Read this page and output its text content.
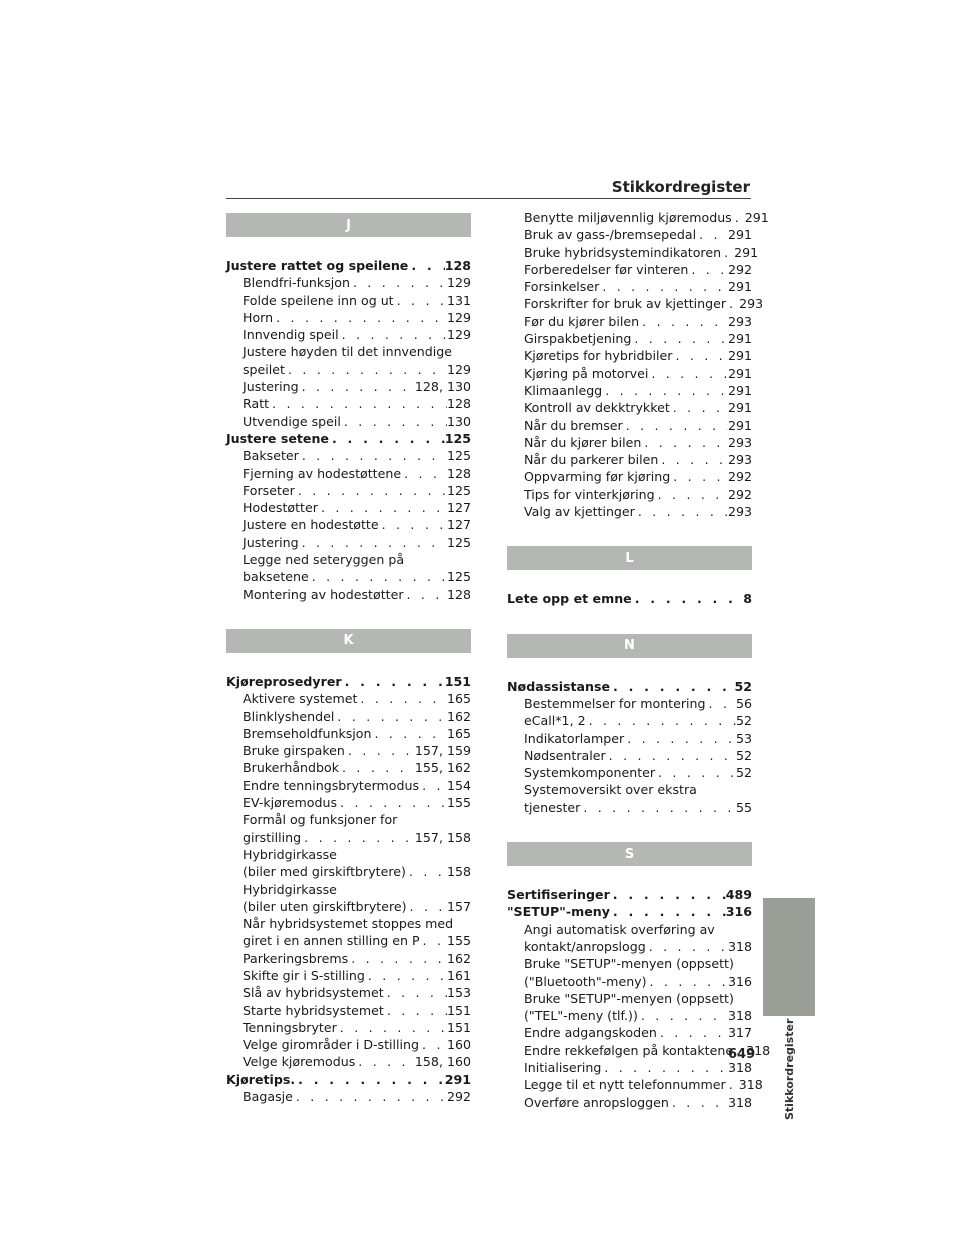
Stikkordregister
J
Justere rattet og speilene . . .	128
Blendfri-funksjon . . .	129
Folde speilene inn og ut . . .	131
Horn . . .	129
Innvendig speil . . .	129
Justere høyden til det innvendige
speilet . . .	129
Justering . . .	128, 130
Ratt . . .	128
Utvendige speil . . .	130
Justere setene . . .	125
Bakseter . . .	125
Fjerning av hodestøttene . . .	128
Forseter . . .	125
Hodestøtter . . .	127
Justere en hodestøtte . . .	127
Justering . . .	125
Legge ned seteryggen på
baksetene . . .	125
Montering av hodestøtter . . .	128
K
Kjøreprosedyrer . . .	151
Aktivere systemet . . .	165
Blinklyshendel . . .	162
Bremseholdfunksjon . . .	165
Bruke girspaken . . .	157, 159
Brukerhåndbok . . .	155, 162
Endre tenningsbrytermodus . . . 154
EV-kjøremodus . . .	155
Formål og funksjoner for
girstilling . . .	157, 158
Hybridgirkasse
(biler med girskiftbrytere) . . .	158
Hybridgirkasse
(biler uten girskiftbrytere) . . .	157
Når hybridsystemet stoppes med
giret i en annen stilling en P . . . 155
Parkeringsbrems . . .	162
Skifte gir i S-stilling . . .	161
Slå av hybridsystemet . . .	153
Starte hybridsystemet . . .	151
Tenningsbryter . . .	151
Velge girområder i D-stilling . . . 160
Velge kjøremodus . . .	158, 160
Kjøretips. . . .	291
Bagasje . . .	292
Benytte miljøvennlig kjøremodus . . . 291
Bruk av gass-/bremsepedal . . .	291
Bruke hybridsystemindikatoren . . . 291
Forberedelser før vinteren . . .	292
Forsinkelser . . .	291
Forskrifter for bruk av kjettinger . . . 293
Før du kjører bilen . . .	293
Girspakbetjening . . .	291
Kjøretips for hybridbiler . . .	291
Kjøring på motorvei . . .	291
Klimaanlegg . . .	291
Kontroll av dekktrykket . . .	291
Når du bremser . . .	291
Når du kjører bilen . . .	293
Når du parkerer bilen . . .	293
Oppvarming før kjøring . . .	292
Tips for vinterkjøring . . .	292
Valg av kjettinger . . .	293
L
Lete opp et emne . . .	8
N
Nødassistanse . . .	52
Bestemmelser for montering . . . 56
eCall*1, 2 . . .	52
Indikatorlamper . . .	53
Nødsentraler . . .	52
Systemkomponenter . . .	52
Systemoversikt over ekstra
tjenester . . .	55
S
Sertifiseringer . . .	489
"SETUP"-meny . . .	316
Angi automatisk overføring av
kontakt/anropslogg . . .	318
Bruke "SETUP"-menyen (oppsett)
("Bluetooth"-meny) . . .	316
Bruke "SETUP"-menyen (oppsett)
("TEL"-meny (tlf.)) . . .	318
Endre adgangskoden . . .	317
Endre rekkefølgen på kontaktene . . . 318
Initialisering . . .	318
Legge til et nytt telefonnummer . . . 318
Overføre anropsloggen . . .	318	Stikkordregister
649
